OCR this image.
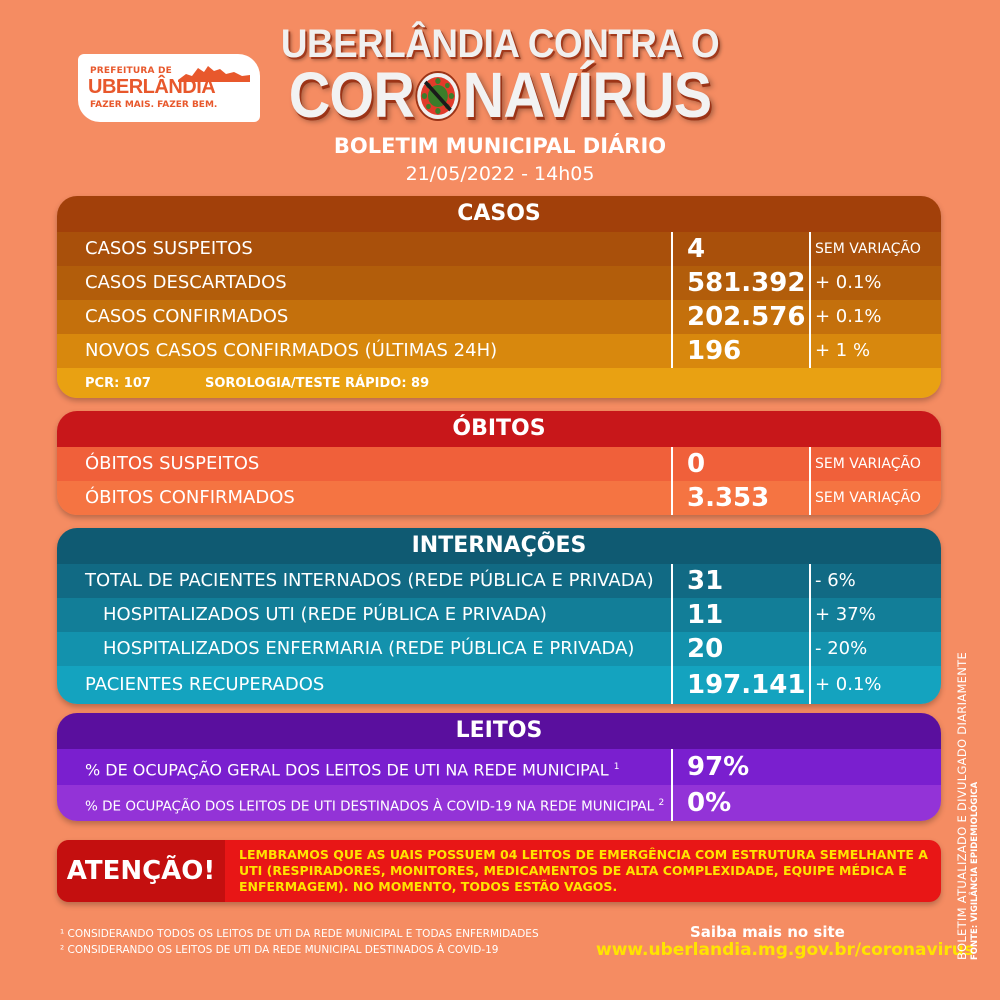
PREFEITURA DE
UBERLÂNDIA
FAZER MAIS. FAZER BEM.
UBERLÂNDIA CONTRA O
COR NAVÍRUS
BOLETIM MUNICIPAL DIÁRIO
21/05/2022 - 14h05
CASOS
CASOS SUSPEITOS	4	SEM VARIAÇÃO
CASOS DESCARTADOS	581.392 + 0.1%
CASOS CONFIRMADOS	202.576 + 0.1%
NOVOS CASOS CONFIRMADOS (ÚLTIMAS 24H)	196	+ 1 %
PCR: 107	SOROLOGIA/TESTE RÁPIDO: 89
ÓBITOS
ÓBITOS SUSPEITOS	0	SEM VARIAÇÃO
ÓBITOS CONFIRMADOS	3.353	SEM VARIAÇÃO
INTERNAÇÕES
TOTAL DE PACIENTES INTERNADOS (REDE PÚBLICA E PRIVADA) 31	- 6%
HOSPITALIZADOS UTI (REDE PÚBLICA E PRIVADA)	11	+ 37%
HOSPITALIZADOS ENFERMARIA (REDE PÚBLICA E PRIVADA) 20	- 20%
PACIENTES RECUPERADOS	197.141 + 0.1%
LEITOS
% DE OCUPAÇÃO GERAL DOS LEITOS DE UTI NA REDE MUNICIPAL $^1$	97%
% DE OCUPAÇÃO DOS LEITOS DE UTI DESTINADOS À COVID-19 NA REDE MUNICIPAL $^2$ 0%
ATENÇÃO!
LEMBRAMOS QUE AS UAIS POSSUEM 04 LEITOS DE EMERGÊNCIA COM ESTRUTURA SEMELHANTE A UTI (RESPIRADORES, MONITORES, MEDICAMENTOS DE ALTA COMPLEXIDADE, EQUIPE MÉDICA E ENFERMAGEM). NO MOMENTO, TODOS ESTÃO VAGOS.
¹ CONSIDERANDO TODOS OS LEITOS DE UTI DA REDE MUNICIPAL E TODAS ENFERMIDADES
² CONSIDERANDO OS LEITOS DE UTI DA REDE MUNICIPAL DESTINADOS À COVID-19
Saiba mais no site
www.uberlandia.mg.gov.br/coronavirus
BOLETIM ATUALIZADO E DIVULGADO DIARIAMENTE FONTE: VIGILÂNCIA EPIDEMIOLÓGICA
